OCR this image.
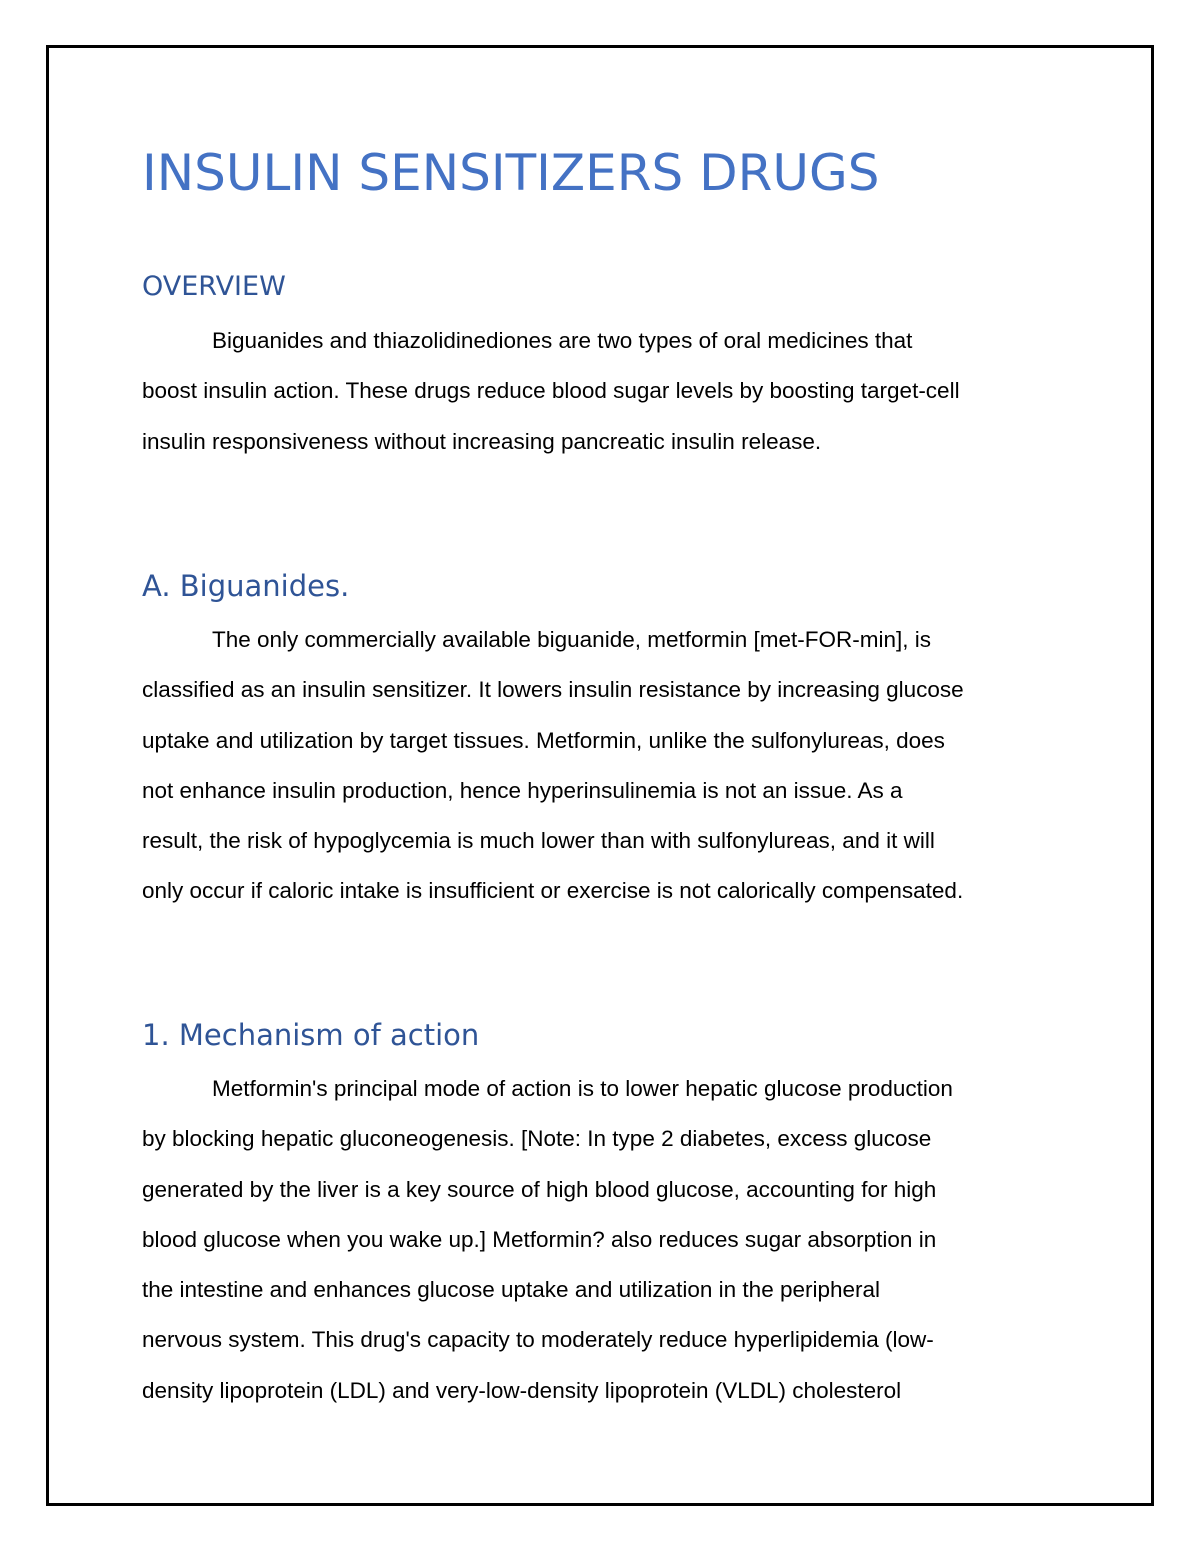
INSULIN SENSITIZERS DRUGS
OVERVIEW

Biguanides and thiazolidinediones are two types of oral medicines that
boost insulin action. These drugs reduce blood sugar levels by boosting target-cell
insulin responsiveness without increasing pancreatic insulin release.

A. Biguanides.

The only commercially available biguanide, metformin [met-FOR-min], is
classified as an insulin sensitizer. It lowers insulin resistance by increasing glucose
uptake and utilization by target tissues. Metformin, unlike the sulfonylureas, does
not enhance insulin production, hence hyperinsulinemia is not an issue. As a
result, the risk of hypoglycemia is much lower than with sulfonylureas, and it will
only occur if caloric intake is insufficient or exercise is not calorically compensated.

1. Mechanism of action

Metformin's principal mode of action is to lower hepatic glucose production
by blocking hepatic gluconeogenesis. [Note: In type 2 diabetes, excess glucose
generated by the liver is a key source of high blood glucose, accounting for high
blood glucose when you wake up.] Metformin? also reduces sugar absorption in
the intestine and enhances glucose uptake and utilization in the peripheral
nervous system. This drug's capacity to moderately reduce hyperlipidemia (low-
density lipoprotein (LDL) and very-low-density lipoprotein (VLDL) cholesterol
